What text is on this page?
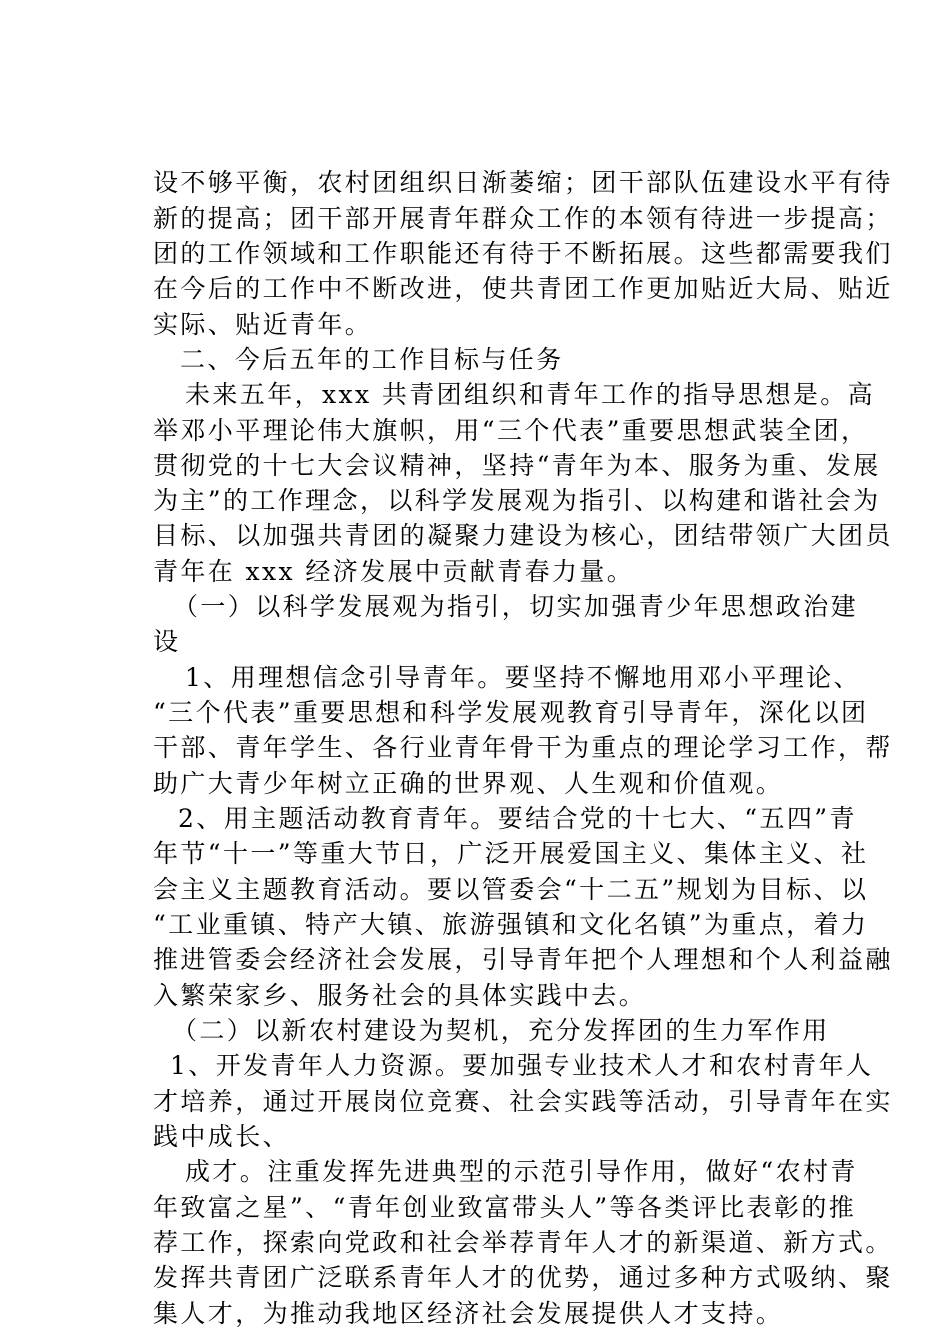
设不够平衡，农村团组织日渐萎缩；团干部队伍建设水平有待
新的提高；团干部开展青年群众工作的本领有待进一步提高；
团的工作领域和工作职能还有待于不断拓展。这些都需要我们
在今后的工作中不断改进，使共青团工作更加贴近大局、贴近
实际、贴近青年。
二、今后五年的工作目标与任务
未来五年，xxx 共青团组织和青年工作的指导思想是。高
举邓小平理论伟大旗帜，用“三个代表”重要思想武装全团，
贯彻党的十七大会议精神，坚持“青年为本、服务为重、发展
为主”的工作理念，以科学发展观为指引、以构建和谐社会为
目标、以加强共青团的凝聚力建设为核心，团结带领广大团员
青年在 xxx 经济发展中贡献青春力量。
（一）以科学发展观为指引，切实加强青少年思想政治建
设
1、用理想信念引导青年。要坚持不懈地用邓小平理论、
“三个代表”重要思想和科学发展观教育引导青年，深化以团
干部、青年学生、各行业青年骨干为重点的理论学习工作，帮
助广大青少年树立正确的世界观、人生观和价值观。
2、用主题活动教育青年。要结合党的十七大、“五四”青
年节“十一”等重大节日，广泛开展爱国主义、集体主义、社
会主义主题教育活动。要以管委会“十二五”规划为目标、以
“工业重镇、特产大镇、旅游强镇和文化名镇”为重点，着力
推进管委会经济社会发展，引导青年把个人理想和个人利益融
入繁荣家乡、服务社会的具体实践中去。
（二）以新农村建设为契机，充分发挥团的生力军作用
1、开发青年人力资源。要加强专业技术人才和农村青年人
才培养，通过开展岗位竞赛、社会实践等活动，引导青年在实
践中成长、
成才。注重发挥先进典型的示范引导作用，做好“农村青
年致富之星”、“青年创业致富带头人”等各类评比表彰的推
荐工作，探索向党政和社会举荐青年人才的新渠道、新方式。
发挥共青团广泛联系青年人才的优势，通过多种方式吸纳、聚
集人才，为推动我地区经济社会发展提供人才支持。
